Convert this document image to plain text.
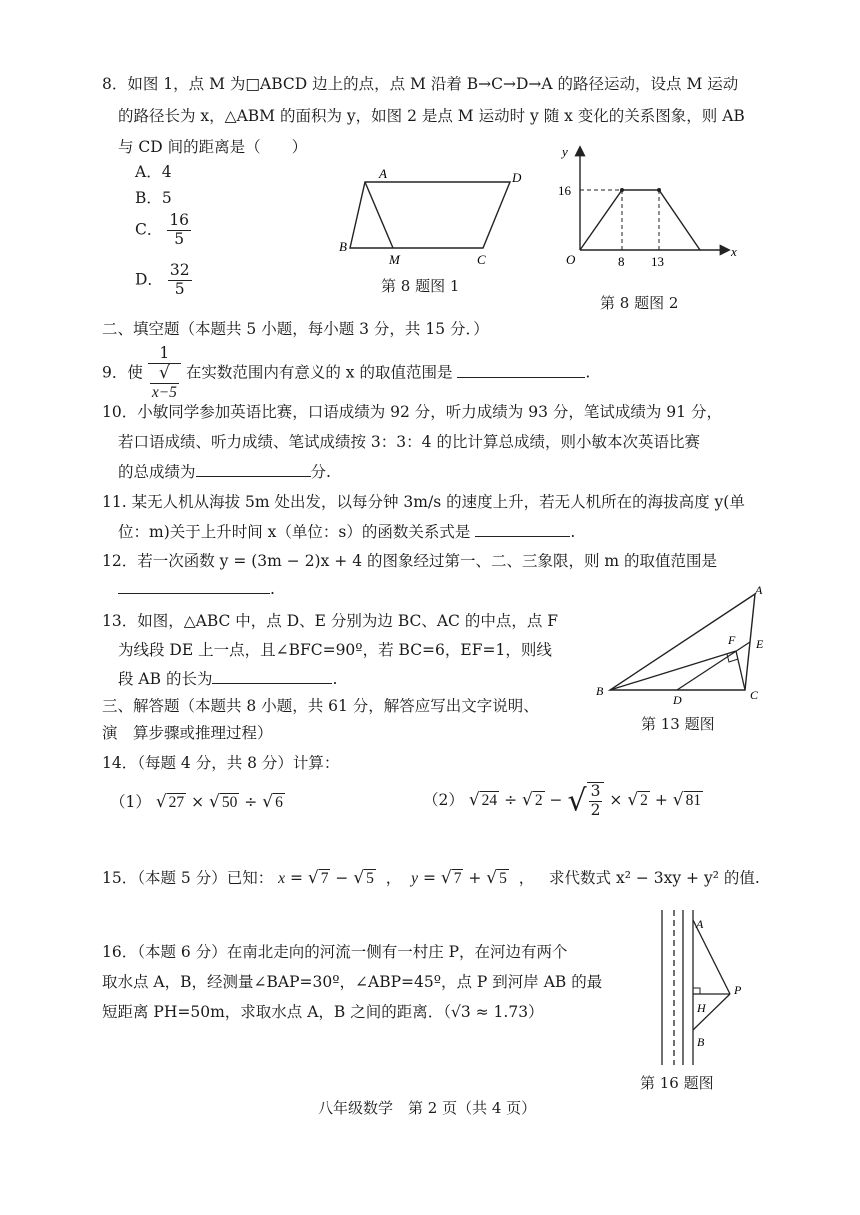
8．如图 1，点 M 为□ABCD 边上的点，点 M 沿着 B→C→D→A 的路径运动，设点 M 运动
的路径长为 x，△ABM 的面积为 y，如图 2 是点 M 运动时 y 随 x 变化的关系图象，则 AB
与 CD 间的距离是（　　）
A．4
B．5
C． $\frac{16}{5}$
D． $\frac{32}{5}$
A	D
B
C
M
第 8 题图 1
y
x
O
16
8 13
第 8 题图 2
二、填空题（本题共 5 小题，每小题 3 分，共 15 分．）
9．使 1
√
x−5 在实数范围内有意义的 x 的取值范围是	.
10．小敏同学参加英语比赛，口语成绩为 92 分，听力成绩为 93 分，笔试成绩为 91 分，
若口语成绩、听力成绩、笔试成绩按 3：3：4 的比计算总成绩，则小敏本次英语比赛
的总成绩为	分.
11. 某无人机从海拔 5m 处出发，以每分钟 3m/s 的速度上升，若无人机所在的海拔高度 y(单
位：m)关于上升时间 x（单位：s）的函数关系式是	.
12．若一次函数 y = (3m − 2)x + 4 的图象经过第一、二、三象限，则 m 的取值范围是
.
13．如图，△ABC 中，点 D、E 分别为边 BC、AC 的中点，点 F
为线段 DE 上一点，且∠BFC=90º，若 BC=6，EF=1，则线
段 AB 的长为	.
A
B	C
D
E
F
第 13 题图
三、解答题（本题共 8 小题，共 61 分，解答应写出文字说明、
演　算步骤或推理过程）
14．（每题 4 分，共 8 分）计算：
（1） √ 27 × √ 50 ÷ √ 6	（2） √ 24 ÷ √ 2 − √ $\frac{3}{2}$ × √ 2 + √ 81
15．（本题 5 分）已知： x = √ 7 − √ 5  ，  y = √ 7 + √ 5  ，   求代数式 x² − 3xy + y² 的值.
16．（本题 6 分）在南北走向的河流一侧有一村庄 P，在河边有两个
取水点 A，B，经测量∠BAP=30º，∠ABP=45º，点 P 到河岸 AB 的最
短距离 PH=50m，求取水点 A，B 之间的距离．（√3 ≈ 1.73）
A
B
H
P
第 16 题图
八年级数学　第 2 页（共 4 页）
